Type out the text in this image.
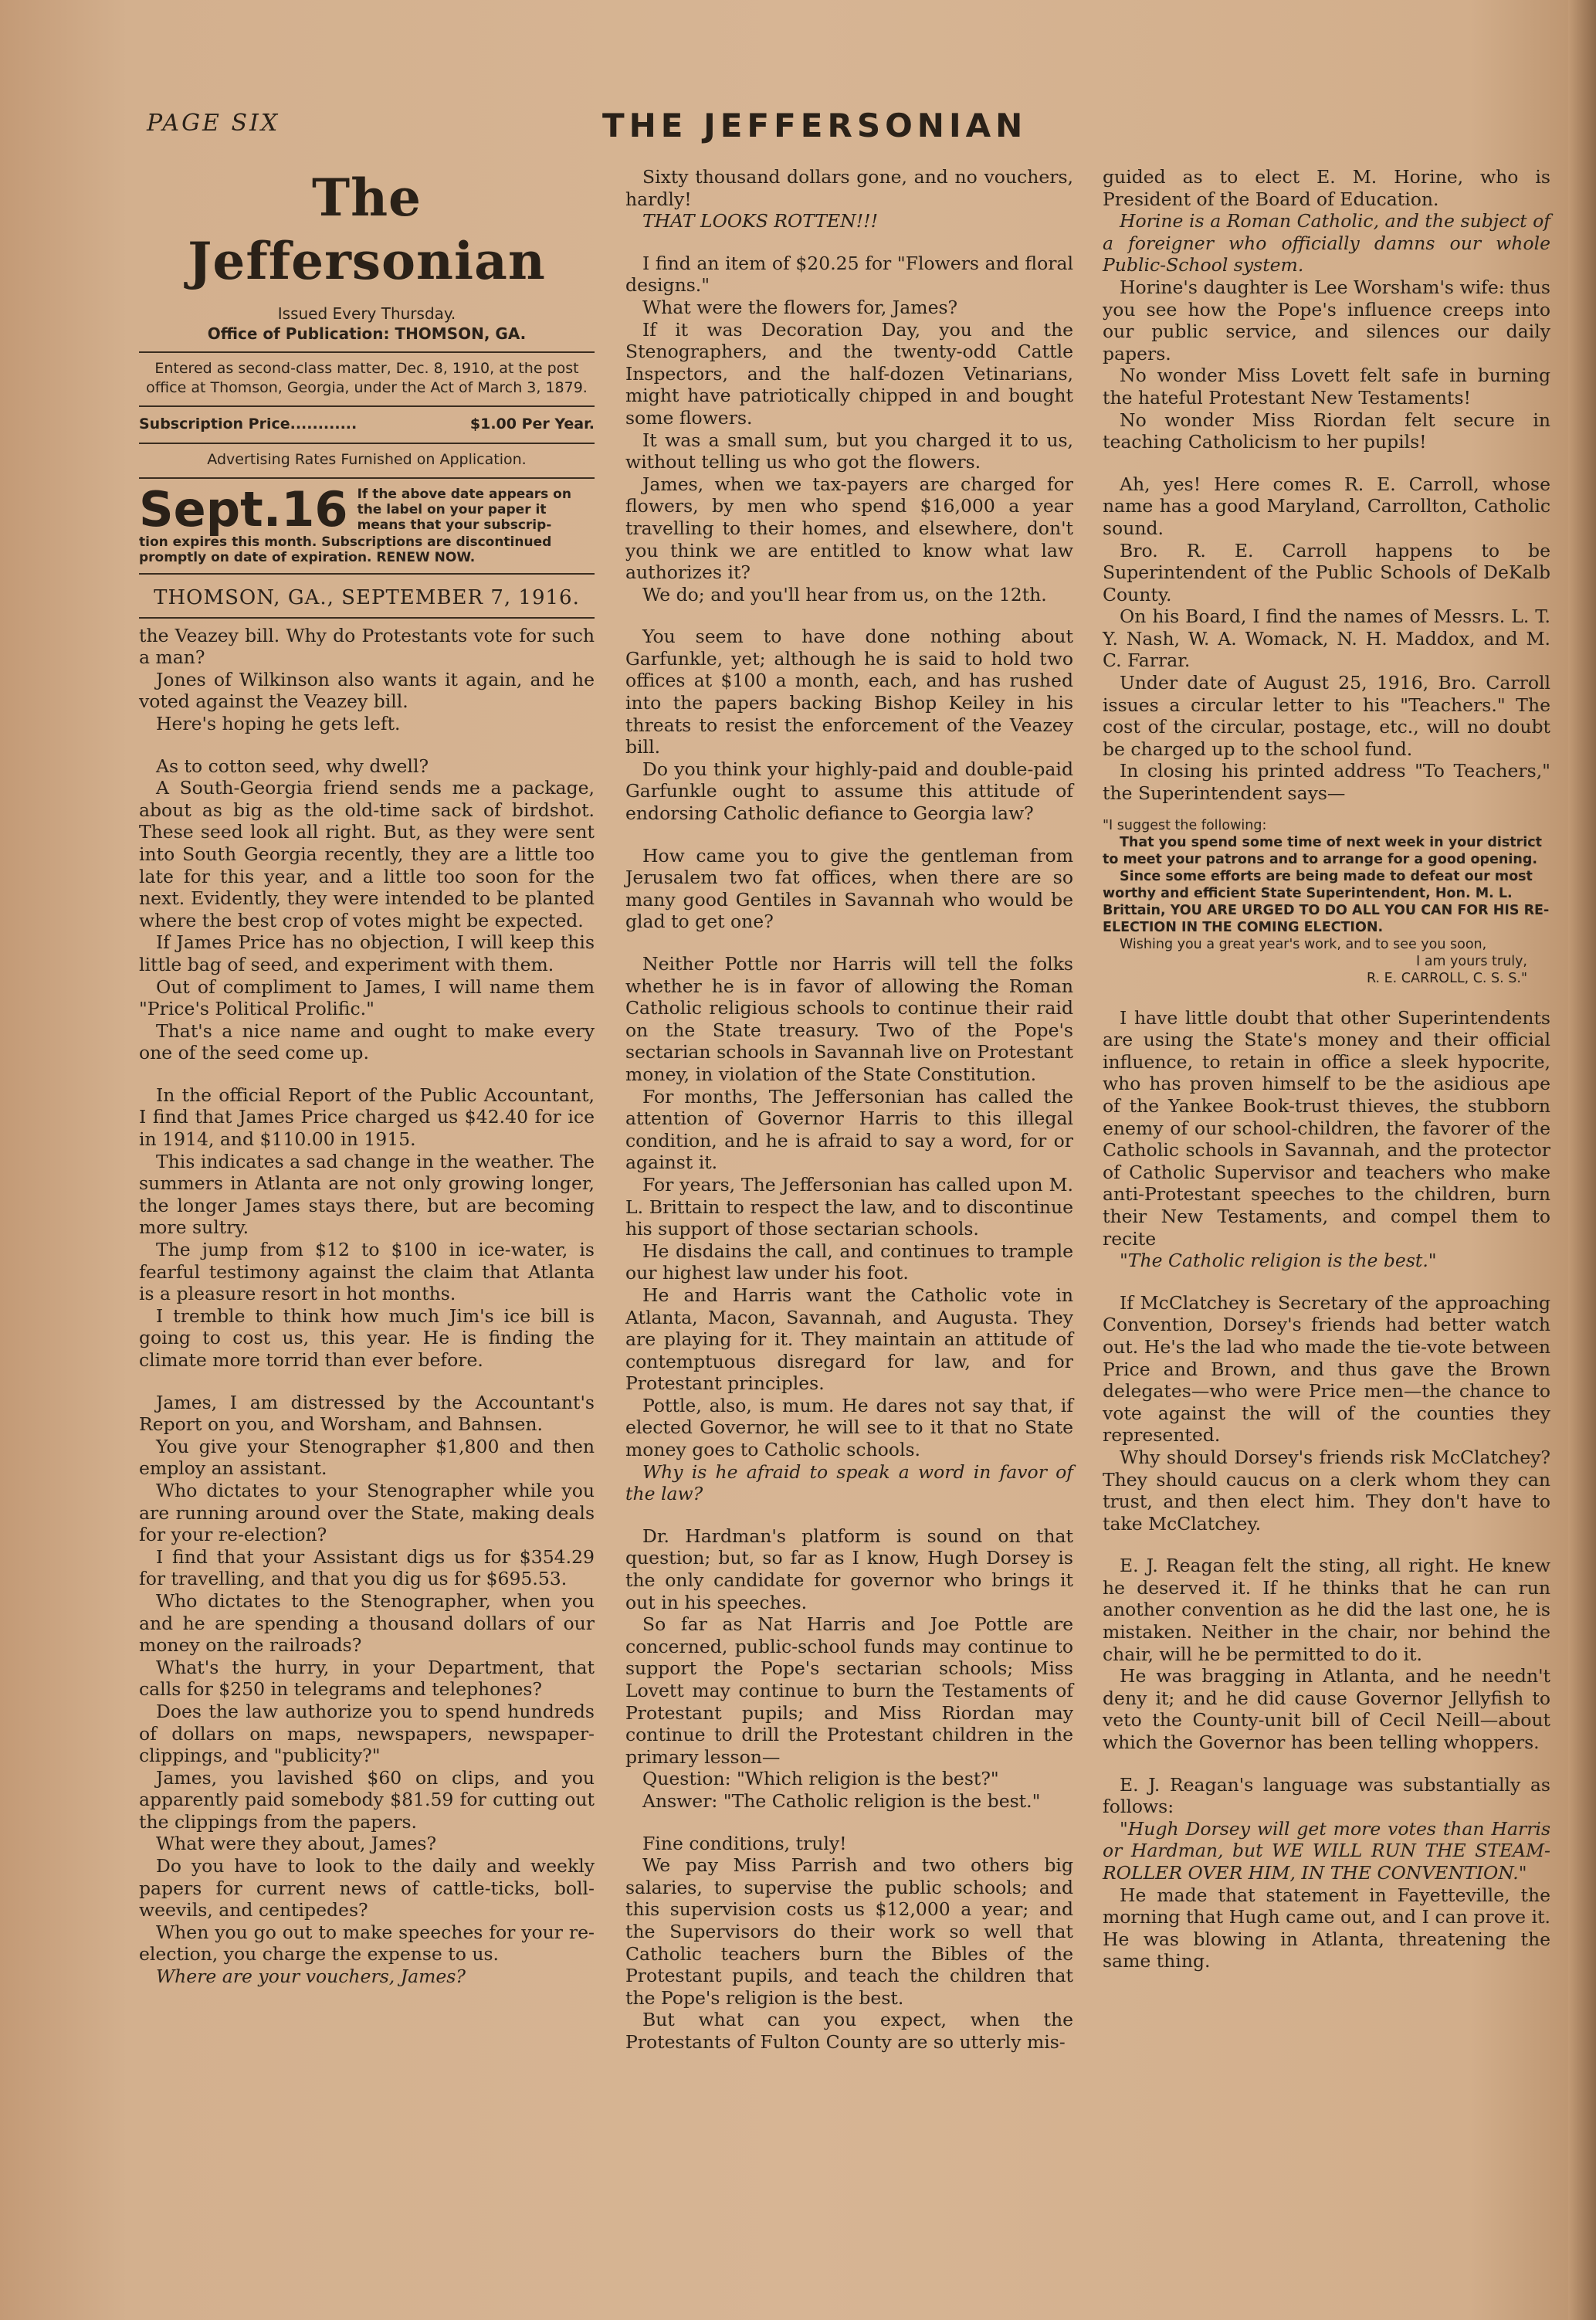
PAGE SIX	THE JEFFERSONIAN
The Jeffersonian
Issued Every Thursday.
Office of Publication: THOMSON, GA.
Entered as second-class matter, Dec. 8, 1910, at the post office at Thomson, Georgia, under the Act of March 3, 1879.
Subscription Price............	$1.00 Per Year.
Advertising Rates Furnished on Application.
Sept.16 If the above date appears on the label on your paper it means that your subscrip-
tion expires this month. Subscriptions are discontinued promptly on date of expiration. RENEW NOW.
THOMSON, GA., SEPTEMBER 7, 1916.

the Veazey bill. Why do Protestants vote for such a man?

Jones of Wilkinson also wants it again, and he voted against the Veazey bill.

Here's hoping he gets left.

As to cotton seed, why dwell?

A South-Georgia friend sends me a package, about as big as the old-time sack of birdshot. These seed look all right. But, as they were sent into South Georgia recently, they are a little too late for this year, and a little too soon for the next. Evidently, they were intended to be planted where the best crop of votes might be expected.

If James Price has no objection, I will keep this little bag of seed, and experiment with them.

Out of compliment to James, I will name them "Price's Political Prolific."

That's a nice name and ought to make every one of the seed come up.

In the official Report of the Public Accountant, I find that James Price charged us $42.40 for ice in 1914, and $110.00 in 1915.

This indicates a sad change in the weather. The summers in Atlanta are not only growing longer, the longer James stays there, but are becoming more sultry.

The jump from $12 to $100 in ice-water, is fearful testimony against the claim that Atlanta is a pleasure resort in hot months.

I tremble to think how much Jim's ice bill is going to cost us, this year. He is finding the climate more torrid than ever before.

James, I am distressed by the Accountant's Report on you, and Worsham, and Bahnsen.

You give your Stenographer $1,800 and then employ an assistant.

Who dictates to your Stenographer while you are running around over the State, making deals for your re-election?

I find that your Assistant digs us for $354.29 for travelling, and that you dig us for $695.53.

Who dictates to the Stenographer, when you and he are spending a thousand dollars of our money on the railroads?

What's the hurry, in your Department, that calls for $250 in telegrams and telephones?

Does the law authorize you to spend hundreds of dollars on maps, newspapers, newspaper-clippings, and "publicity?"

James, you lavished $60 on clips, and you apparently paid somebody $81.59 for cutting out the clippings from the papers.

What were they about, James?

Do you have to look to the daily and weekly papers for current news of cattle-ticks, boll-weevils, and centipedes?

When you go out to make speeches for your re-election, you charge the expense to us.

Where are your vouchers, James?

Sixty thousand dollars gone, and no vouchers, hardly!

THAT LOOKS ROTTEN!!!

I find an item of $20.25 for "Flowers and floral designs."

What were the flowers for, James?

If it was Decoration Day, you and the Stenographers, and the twenty-odd Cattle Inspectors, and the half-dozen Vetinarians, might have patriotically chipped in and bought some flowers.

It was a small sum, but you charged it to us, without telling us who got the flowers.

James, when we tax-payers are charged for flowers, by men who spend $16,000 a year travelling to their homes, and elsewhere, don't you think we are entitled to know what law authorizes it?

We do; and you'll hear from us, on the 12th.

You seem to have done nothing about Garfunkle, yet; although he is said to hold two offices at $100 a month, each, and has rushed into the papers backing Bishop Keiley in his threats to resist the enforcement of the Veazey bill.

Do you think your highly-paid and double-paid Garfunkle ought to assume this attitude of endorsing Catholic defiance to Georgia law?

How came you to give the gentleman from Jerusalem two fat offices, when there are so many good Gentiles in Savannah who would be glad to get one?

Neither Pottle nor Harris will tell the folks whether he is in favor of allowing the Roman Catholic religious schools to continue their raid on the State treasury. Two of the Pope's sectarian schools in Savannah live on Protestant money, in violation of the State Constitution.

For months, The Jeffersonian has called the attention of Governor Harris to this illegal condition, and he is afraid to say a word, for or against it.

For years, The Jeffersonian has called upon M. L. Brittain to respect the law, and to discontinue his support of those sectarian schools.

He disdains the call, and continues to trample our highest law under his foot.

He and Harris want the Catholic vote in Atlanta, Macon, Savannah, and Augusta. They are playing for it. They maintain an attitude of contemptuous disregard for law, and for Protestant principles.

Pottle, also, is mum. He dares not say that, if elected Governor, he will see to it that no State money goes to Catholic schools.

Why is he afraid to speak a word in favor of the law?

Dr. Hardman's platform is sound on that question; but, so far as I know, Hugh Dorsey is the only candidate for governor who brings it out in his speeches.

So far as Nat Harris and Joe Pottle are concerned, public-school funds may continue to support the Pope's sectarian schools; Miss Lovett may continue to burn the Testaments of Protestant pupils; and Miss Riordan may continue to drill the Protestant children in the primary lesson—

Question: "Which religion is the best?"

Answer: "The Catholic religion is the best."

Fine conditions, truly!

We pay Miss Parrish and two others big salaries, to supervise the public schools; and this supervision costs us $12,000 a year; and the Supervisors do their work so well that Catholic teachers burn the Bibles of the Protestant pupils, and teach the children that the Pope's religion is the best.

But what can you expect, when the Protestants of Fulton County are so utterly mis-

guided as to elect E. M. Horine, who is President of the Board of Education.

Horine is a Roman Catholic, and the subject of a foreigner who officially damns our whole Public-School system.

Horine's daughter is Lee Worsham's wife: thus you see how the Pope's influence creeps into our public service, and silences our daily papers.

No wonder Miss Lovett felt safe in burning the hateful Protestant New Testaments!

No wonder Miss Riordan felt secure in teaching Catholicism to her pupils!

Ah, yes! Here comes R. E. Carroll, whose name has a good Maryland, Carrollton, Catholic sound.

Bro. R. E. Carroll happens to be Superintendent of the Public Schools of DeKalb County.

On his Board, I find the names of Messrs. L. T. Y. Nash, W. A. Womack, N. H. Maddox, and M. C. Farrar.

Under date of August 25, 1916, Bro. Carroll issues a circular letter to his "Teachers." The cost of the circular, postage, etc., will no doubt be charged up to the school fund.

In closing his printed address "To Teachers," the Superintendent says—

"I suggest the following:
That you spend some time of next week in your district to meet your patrons and to arrange for a good opening.
Since some efforts are being made to defeat our most worthy and efficient State Superintendent, Hon. M. L. Brittain, YOU ARE URGED TO DO ALL YOU CAN FOR HIS RE-ELECTION IN THE COMING ELECTION.
Wishing you a great year's work, and to see you soon,
I am yours truly,
R. E. CARROLL, C. S. S."

I have little doubt that other Superintendents are using the State's money and their official influence, to retain in office a sleek hypocrite, who has proven himself to be the asidious ape of the Yankee Book-trust thieves, the stubborn enemy of our school-children, the favorer of the Catholic schools in Savannah, and the protector of Catholic Supervisor and teachers who make anti-Protestant speeches to the children, burn their New Testaments, and compel them to recite

"The Catholic religion is the best."

If McClatchey is Secretary of the approaching Convention, Dorsey's friends had better watch out. He's the lad who made the tie-vote between Price and Brown, and thus gave the Brown delegates—who were Price men—the chance to vote against the will of the counties they represented.

Why should Dorsey's friends risk McClatchey? They should caucus on a clerk whom they can trust, and then elect him. They don't have to take McClatchey.

E. J. Reagan felt the sting, all right. He knew he deserved it. If he thinks that he can run another convention as he did the last one, he is mistaken. Neither in the chair, nor behind the chair, will he be permitted to do it.

He was bragging in Atlanta, and he needn't deny it; and he did cause Governor Jellyfish to veto the County-unit bill of Cecil Neill—about which the Governor has been telling whoppers.

E. J. Reagan's language was substantially as follows:

"Hugh Dorsey will get more votes than Harris or Hardman, but WE WILL RUN THE STEAM-ROLLER OVER HIM, IN THE CONVENTION."

He made that statement in Fayetteville, the morning that Hugh came out, and I can prove it. He was blowing in Atlanta, threatening the same thing.
